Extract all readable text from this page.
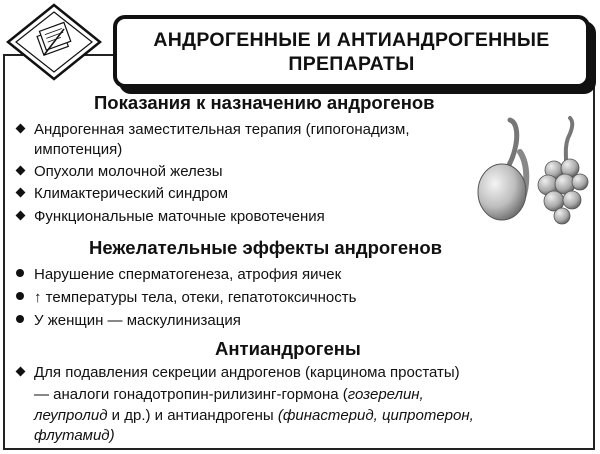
АНДРОГЕННЫЕ И АНТИАНДРОГЕННЫЕ
ПРЕПАРАТЫ
Показания к назначению андрогенов
Андрогенная заместительная терапия (гипогонадизм,
импотенция)
Опухоли молочной железы
Климактерический синдром
Функциональные маточные кровотечения
Нежелательные эффекты андрогенов
Нарушение сперматогенеза, атрофия яичек
↑ температуры тела, отеки, гепатотоксичность
У женщин — маскулинизация
Антиандрогены
Для подавления секреции андрогенов (карцинома простаты)
— аналоги гонадотропин-рилизинг-гормона (гозерелин,
леупролид и др.) и антиандрогены (финастерид, ципротерон,
флутамид)
